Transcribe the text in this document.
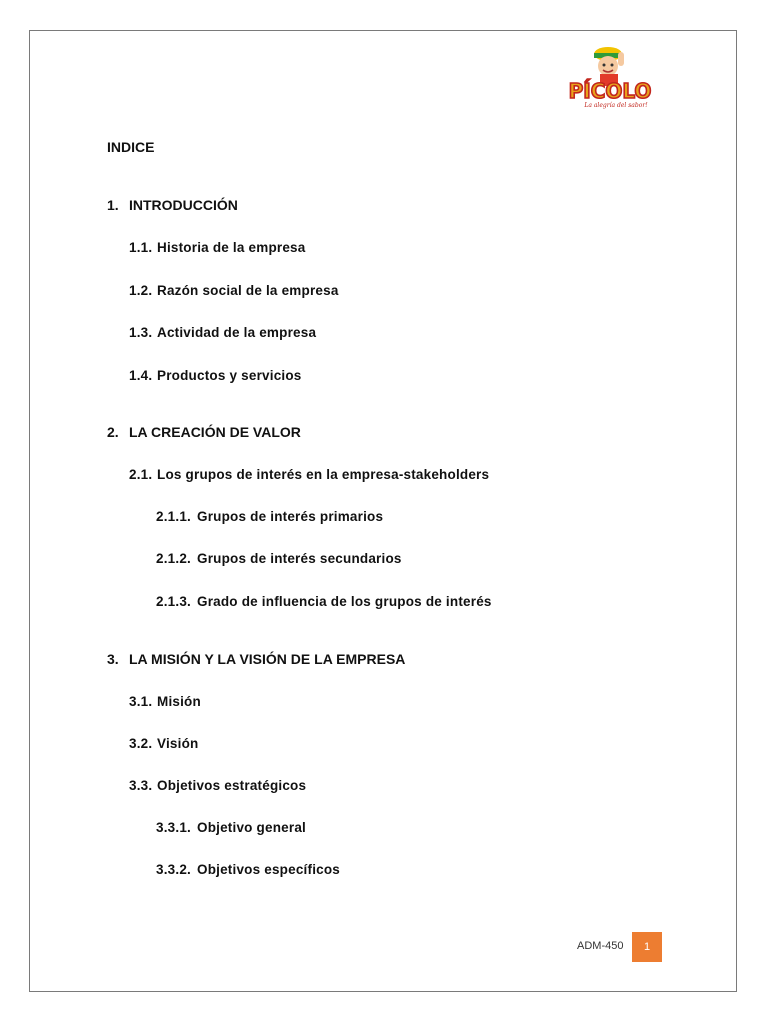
PÍCOLO
La alegría del sabor!
INDICE
1. INTRODUCCIÓN
1.1. Historia de la empresa
1.2. Razón social de la empresa
1.3. Actividad de la empresa
1.4. Productos y servicios
2. LA CREACIÓN DE VALOR
2.1. Los grupos de interés en la empresa-stakeholders
2.1.1. Grupos de interés primarios
2.1.2. Grupos de interés secundarios
2.1.3. Grado de influencia de los grupos de interés
3. LA MISIÓN Y LA VISIÓN DE LA EMPRESA
3.1. Misión
3.2. Visión
3.3. Objetivos estratégicos
3.3.1. Objetivo general
3.3.2. Objetivos específicos
ADM-450	1
